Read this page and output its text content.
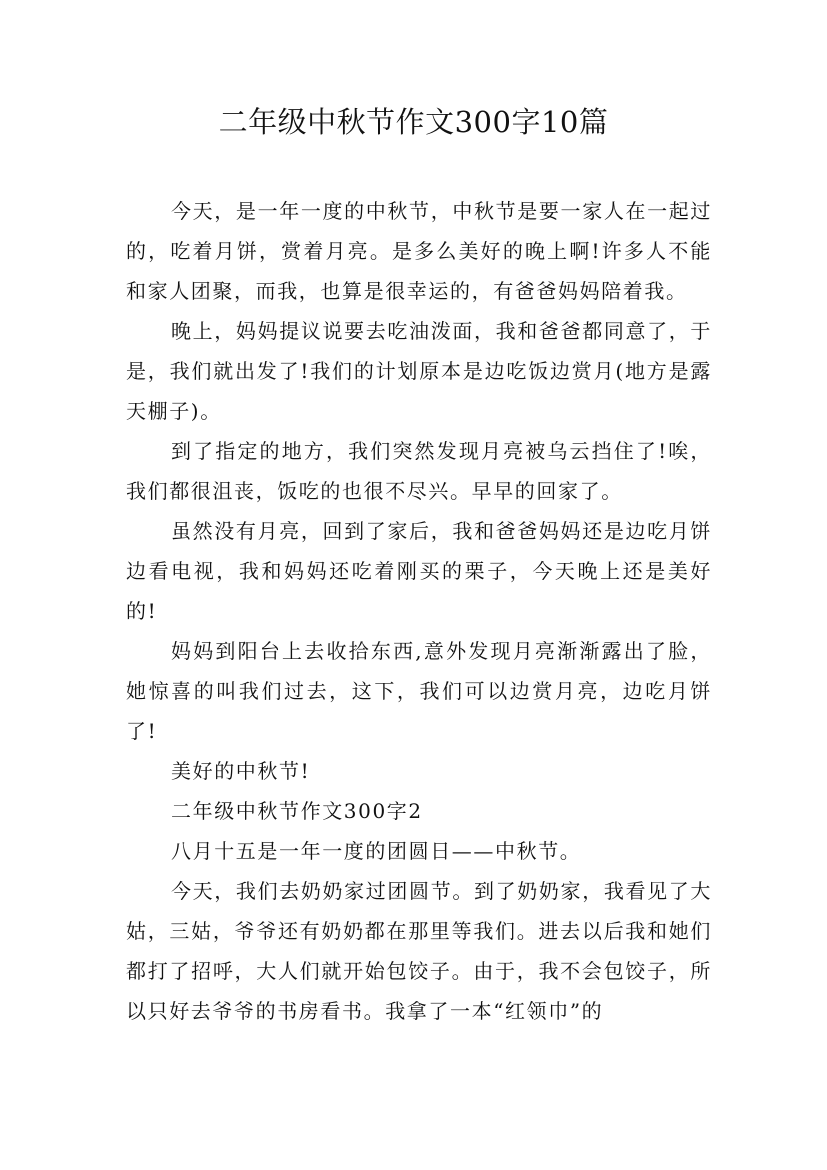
二年级中秋节作文300字10篇

今天，是一年一度的中秋节，中秋节是要一家人在一起过的，吃着月饼，赏着月亮。是多么美好的晚上啊!许多人不能和家人团聚，而我，也算是很幸运的，有爸爸妈妈陪着我。

晚上，妈妈提议说要去吃油泼面，我和爸爸都同意了，于是，我们就出发了!我们的计划原本是边吃饭边赏月(地方是露天棚子)。

到了指定的地方，我们突然发现月亮被乌云挡住了!唉，我们都很沮丧，饭吃的也很不尽兴。早早的回家了。

虽然没有月亮，回到了家后，我和爸爸妈妈还是边吃月饼边看电视，我和妈妈还吃着刚买的栗子，今天晚上还是美好的!

妈妈到阳台上去收拾东西,意外发现月亮渐渐露出了脸，她惊喜的叫我们过去，这下，我们可以边赏月亮，边吃月饼了!

美好的中秋节!

二年级中秋节作文300字2

八月十五是一年一度的团圆日——中秋节。

今天，我们去奶奶家过团圆节。到了奶奶家，我看见了大姑，三姑，爷爷还有奶奶都在那里等我们。进去以后我和她们都打了招呼，大人们就开始包饺子。由于，我不会包饺子，所以只好去爷爷的书房看书。我拿了一本“红领巾”的
